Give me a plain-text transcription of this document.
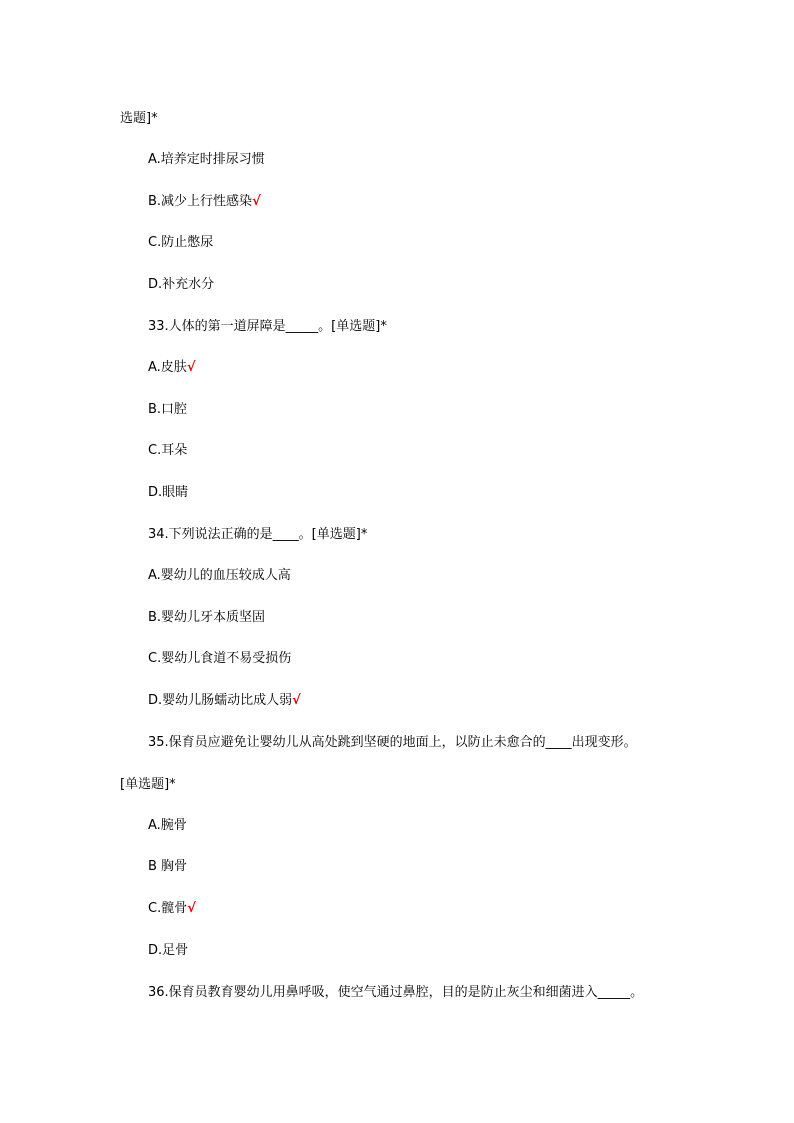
选题]*
A.培养定时排尿习惯
B.减少上行性感染√
C.防止憋尿
D.补充水分
33.人体的第一道屏障是_____。[单选题]*
A.皮肤√
B.口腔
C.耳朵
D.眼睛
34.下列说法正确的是____。[单选题]*
A.婴幼儿的血压较成人高
B.婴幼儿牙本质坚固
C.婴幼儿食道不易受损伤
D.婴幼儿肠蠕动比成人弱√
35.保育员应避免让婴幼儿从高处跳到坚硬的地面上，以防止未愈合的____出现变形。
[单选题]*
A.腕骨
B 胸骨
C.髋骨√
D.足骨
36.保育员教育婴幼儿用鼻呼吸，使空气通过鼻腔，目的是防止灰尘和细菌进入_____。
